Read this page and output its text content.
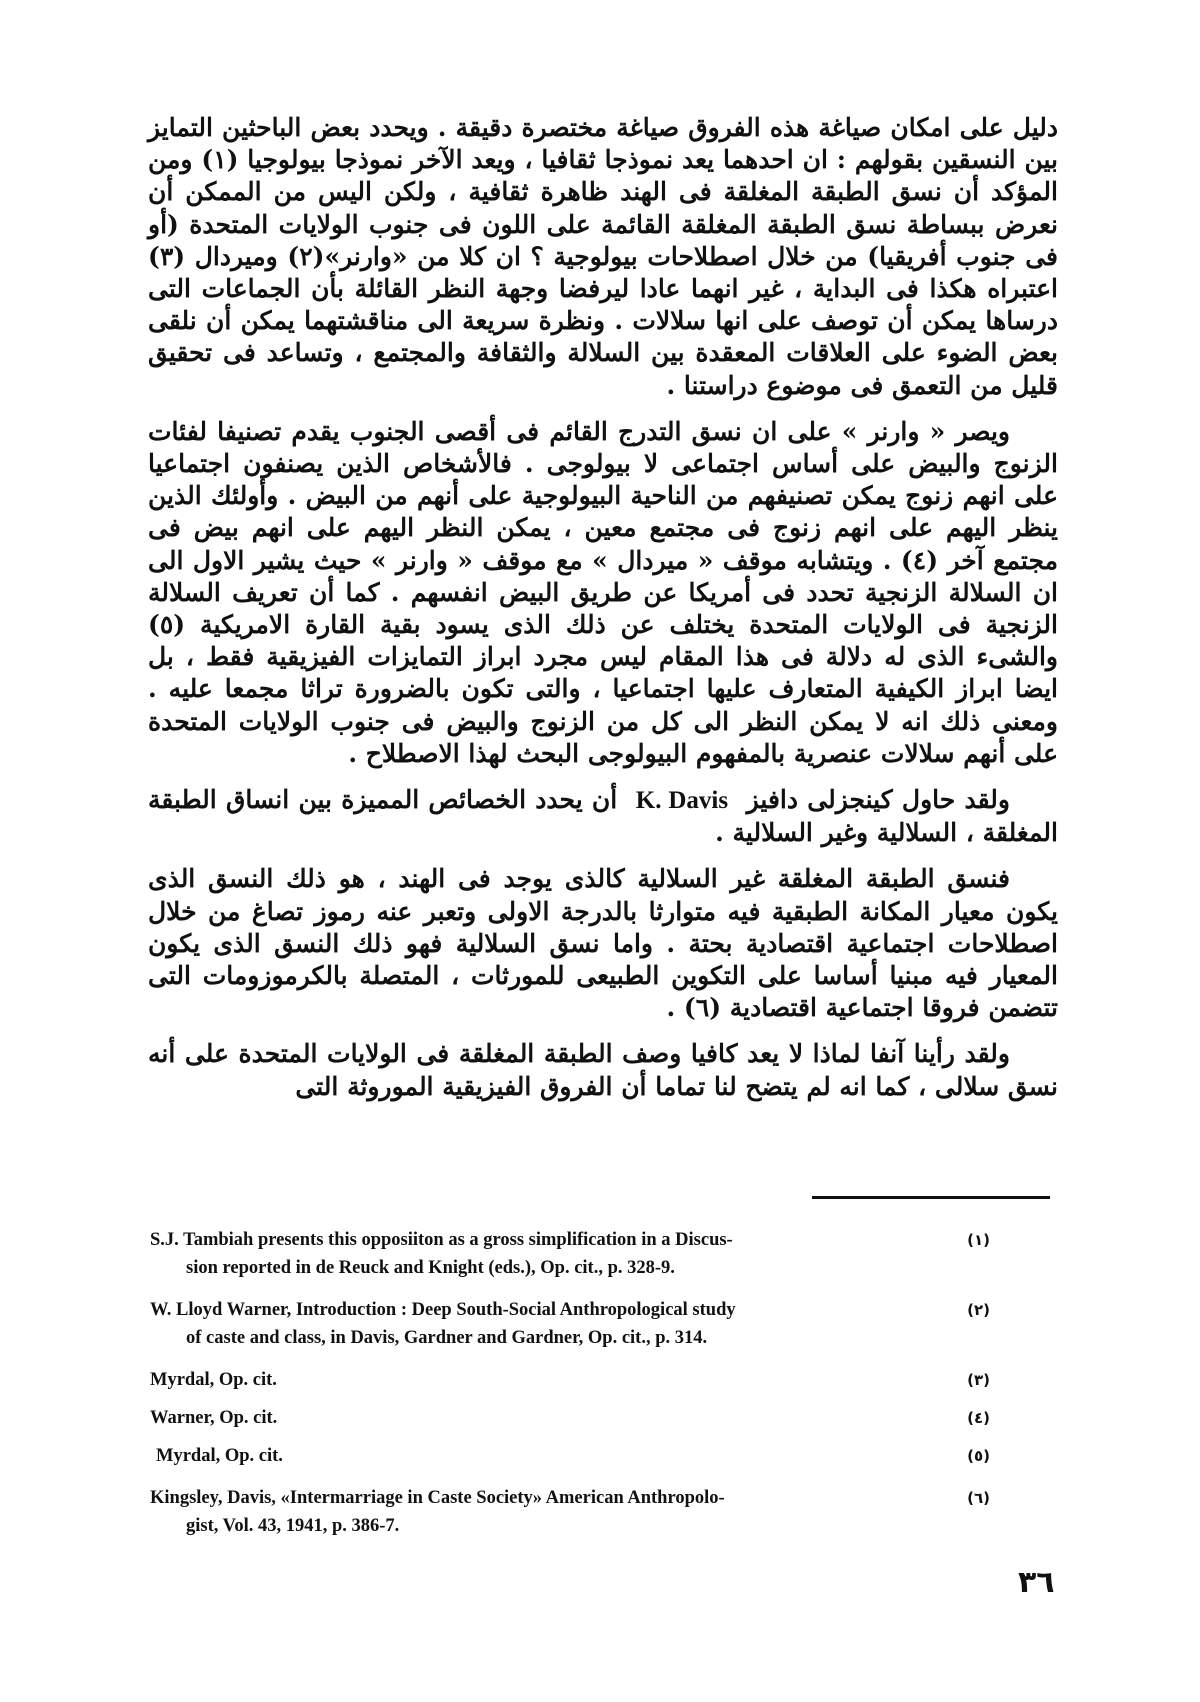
دليل على امكان صياغة هذه الفروق صياغة مختصرة دقيقة . ويحدد بعض الباحثين التمايز بين النسقين بقولهم : ان احدهما يعد نموذجا ثقافيا ، ويعد الآخر نموذجا بيولوجيا (١) ومن المؤكد أن نسق الطبقة المغلقة فى الهند ظاهرة ثقافية ، ولكن اليس من الممكن أن نعرض ببساطة نسق الطبقة المغلقة القائمة على اللون فى جنوب الولايات المتحدة (أو فى جنوب أفريقيا) من خلال اصطلاحات بيولوجية ؟ ان كلا من «وارنر»(٢) وميردال (٣) اعتبراه هكذا فى البداية ، غير انهما عادا ليرفضا وجهة النظر القائلة بأن الجماعات التى درساها يمكن أن توصف على انها سلالات . ونظرة سريعة الى مناقشتهما يمكن أن نلقى بعض الضوء على العلاقات المعقدة بين السلالة والثقافة والمجتمع ، وتساعد فى تحقيق قليل من التعمق فى موضوع دراستنا .

ويصر « وارنر » على ان نسق التدرج القائم فى أقصى الجنوب يقدم تصنيفا لفئات الزنوج والبيض على أساس اجتماعى لا بيولوجى . فالأشخاص الذين يصنفون اجتماعيا على انهم زنوج يمكن تصنيفهم من الناحية البيولوجية على أنهم من البيض . وأولئك الذين ينظر اليهم على انهم زنوج فى مجتمع معين ، يمكن النظر اليهم على انهم بيض فى مجتمع آخر (٤) . ويتشابه موقف « ميردال » مع موقف « وارنر » حيث يشير الاول الى ان السلالة الزنجية تحدد فى أمريكا عن طريق البيض انفسهم . كما أن تعريف السلالة الزنجية فى الولايات المتحدة يختلف عن ذلك الذى يسود بقية القارة الامريكية (٥) والشىء الذى له دلالة فى هذا المقام ليس مجرد ابراز التمايزات الفيزيقية فقط ، بل ايضا ابراز الكيفية المتعارف عليها اجتماعيا ، والتى تكون بالضرورة تراثا مجمعا عليه . ومعنى ذلك انه لا يمكن النظر الى كل من الزنوج والبيض فى جنوب الولايات المتحدة على أنهم سلالات عنصرية بالمفهوم البيولوجى البحث لهذا الاصطلاح .

ولقد حاول كينجزلى دافيز  K. Davis  أن يحدد الخصائص المميزة بين انساق الطبقة المغلقة ، السلالية وغير السلالية .

فنسق الطبقة المغلقة غير السلالية كالذى يوجد فى الهند ، هو ذلك النسق الذى يكون معيار المكانة الطبقية فيه متوارثا بالدرجة الاولى وتعبر عنه رموز تصاغ من خلال اصطلاحات اجتماعية اقتصادية بحتة . واما نسق السلالية فهو ذلك النسق الذى يكون المعيار فيه مبنيا أساسا على التكوين الطبيعى للمورثات ، المتصلة بالكرموزومات التى تتضمن فروقا اجتماعية اقتصادية (٦) .

ولقد رأينا آنفا لماذا لا يعد كافيا وصف الطبقة المغلقة فى الولايات المتحدة على أنه نسق سلالى ، كما انه لم يتضح لنا تماما أن الفروق الفيزيقية الموروثة التى

S.J. Tambiah presents this opposiiton as a gross simplification in a Discus-
sion reported in de Reuck and Knight (eds.), Op. cit., p. 328-9.
(١)
W. Lloyd Warner, Introduction : Deep South-Social Anthropological study
of caste and class, in Davis, Gardner and Gardner, Op. cit., p. 314.
(٢)
Myrdal, Op. cit.	(٣)
Warner, Op. cit.	(٤)
Myrdal, Op. cit.	(٥)
Kingsley, Davis, «Intermarriage in Caste Society» American Anthropolo-
gist, Vol. 43, 1941, p. 386-7.
(٦)
٣٦
